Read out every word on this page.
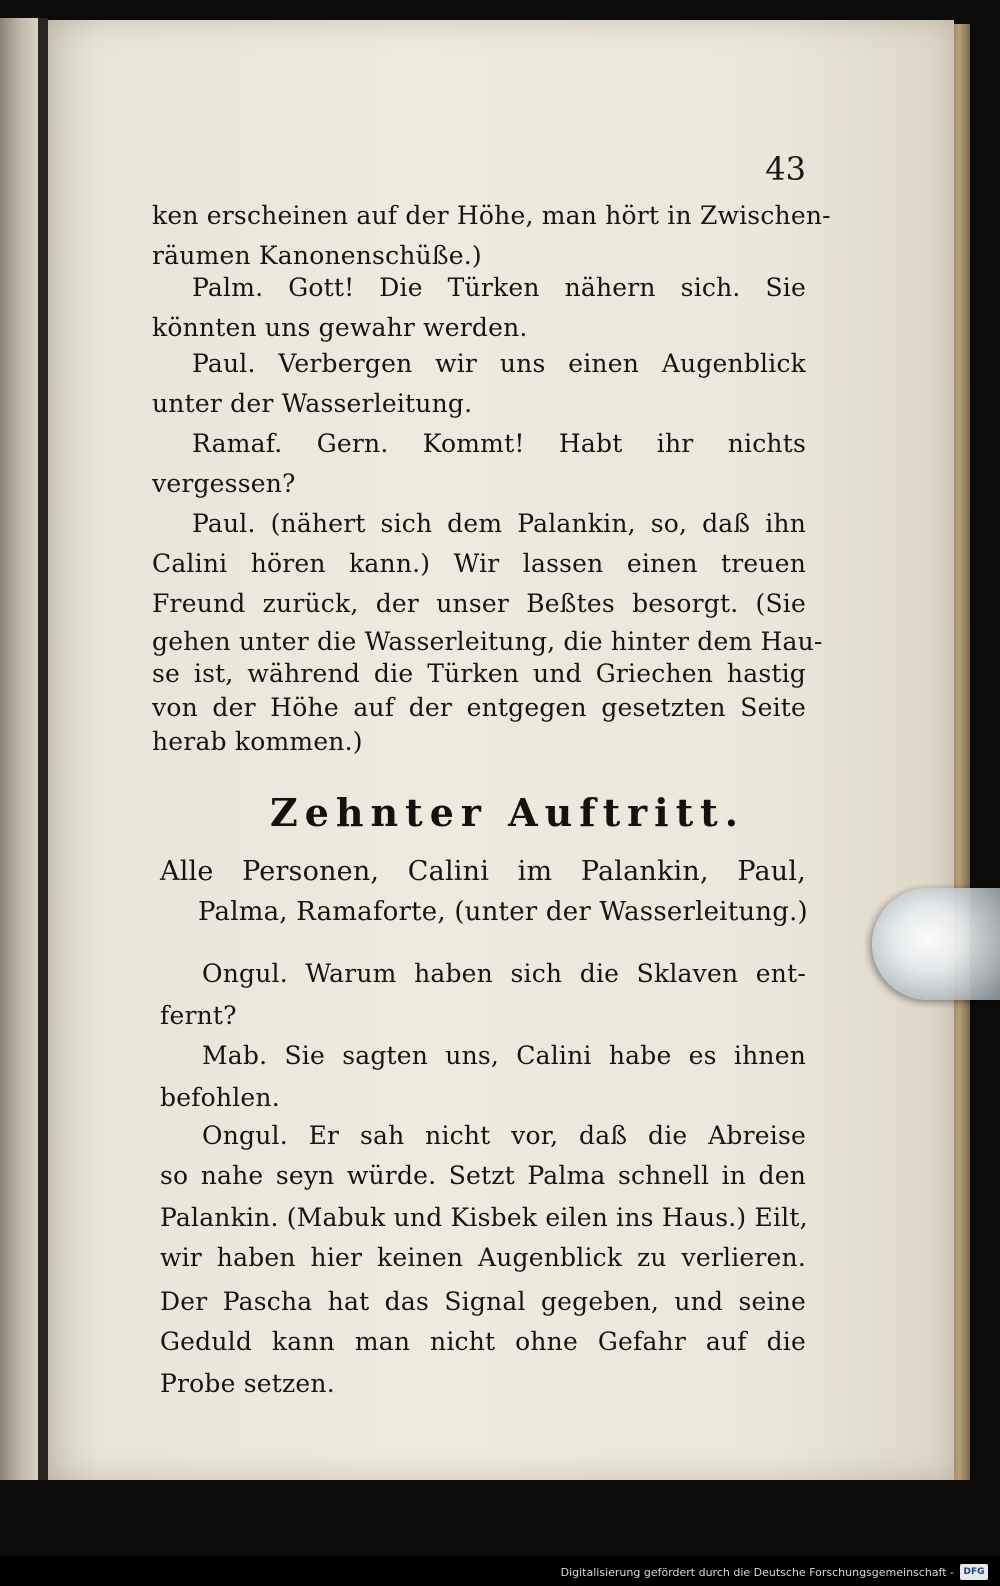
43
ken erscheinen auf der Höhe, man hört in Zwischen-
räumen Kanonenschüße.)
Palm. Gott! Die Türken nähern sich. Sie
könnten uns gewahr werden.
Paul. Verbergen wir uns einen Augenblick
unter der Wasserleitung.
Ramaf. Gern. Kommt! Habt ihr nichts
vergessen?
Paul. (nähert sich dem Palankin, so, daß ihn
Calini hören kann.) Wir lassen einen treuen
Freund zurück, der unser Beßtes besorgt. (Sie
gehen unter die Wasserleitung, die hinter dem Hau-
se ist, während die Türken und Griechen hastig
von der Höhe auf der entgegen gesetzten Seite
herab kommen.)
Zehnter Auftritt.
Alle Personen, Calini im Palankin, Paul,
Palma, Ramaforte, (unter der Wasserleitung.)
Ongul. Warum haben sich die Sklaven ent-
fernt?
Mab. Sie sagten uns, Calini habe es ihnen
befohlen.
Ongul. Er sah nicht vor, daß die Abreise
so nahe seyn würde. Setzt Palma schnell in den
Palankin. (Mabuk und Kisbek eilen ins Haus.) Eilt,
wir haben hier keinen Augenblick zu verlieren.
Der Pascha hat das Signal gegeben, und seine
Geduld kann man nicht ohne Gefahr auf die
Probe setzen.
Digitalisierung gefördert durch die Deutsche Forschungsgemeinschaft -	DFG
